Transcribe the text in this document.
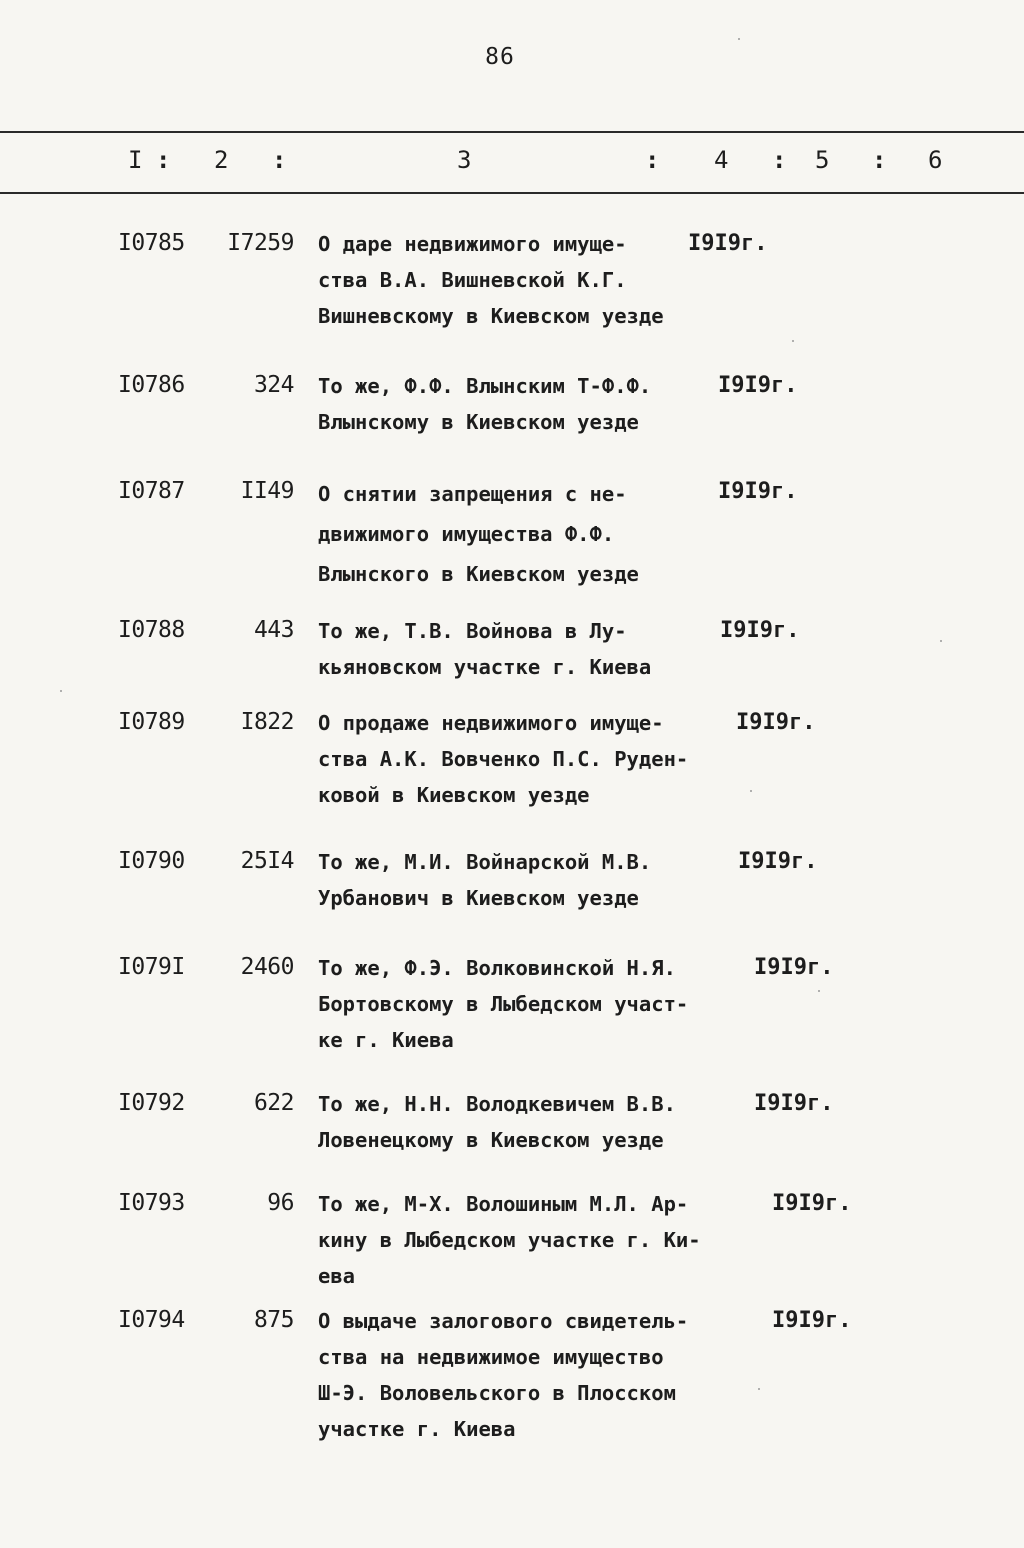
86
I : 2 :	3	: 4 : 5 : 6
I0785	I7259 О даре недвижимого имуще-
ства В.А. Вишневской К.Г.
Вишневскому в Киевском уезде
I9I9г.
I0786	324 То же, Ф.Ф. Влынским Т-Ф.Ф.
Влынскому в Киевском уезде
I9I9г.
I0787	II49 О снятии запрещения с не-
движимого имущества Ф.Ф.
Влынского в Киевском уезде
I9I9г.
I0788	443 То же, Т.В. Войнова в Лу-
кьяновском участке г. Киева
I9I9г.
I0789	I822 О продаже недвижимого имуще-
ства А.К. Вовченко П.С. Руден-
ковой в Киевском уезде
I9I9г.
I0790	25I4 То же, М.И. Войнарской М.В.
Урбанович в Киевском уезде
I9I9г.
I079I	2460 То же, Ф.Э. Волковинской Н.Я.
Бортовскому в Лыбедском участ-
ке г. Киева
I9I9г.
I0792	622 То же, Н.Н. Володкевичем В.В.
Ловенецкому в Киевском уезде
I9I9г.
I0793	96 То же, М-Х. Волошиным М.Л. Ар-
кину в Лыбедском участке г. Ки-
ева
I9I9г.
I0794	875 О выдаче залогового свидетель-
ства на недвижимое имущество
Ш-Э. Воловельского в Плосском
участке г. Киева
I9I9г.
